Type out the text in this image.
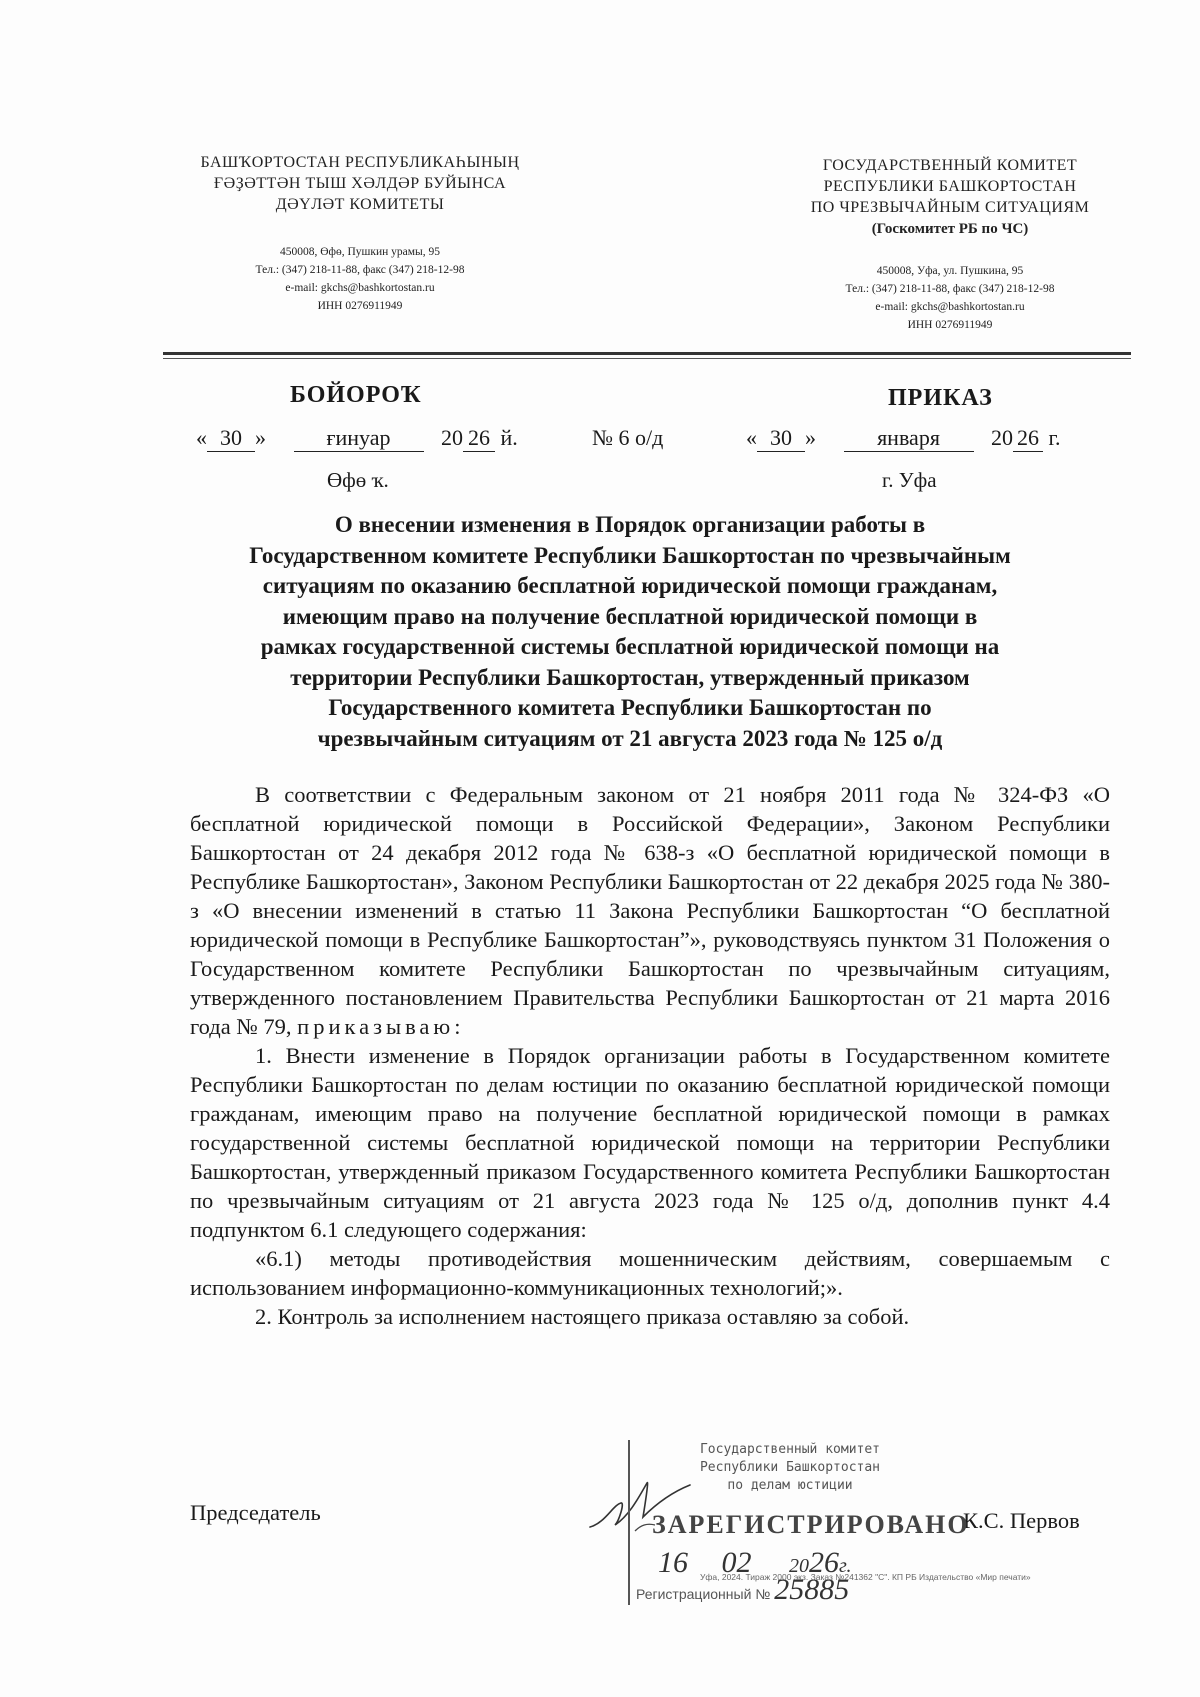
БАШҠОРТОСТАН РЕСПУБЛИКАҺЫНЫҢ
ҒӘҘӘТТӘН ТЫШ ХӘЛДӘР БУЙЫНСА
ДӘҮЛӘТ КОМИТЕТЫ
450008, Өфө, Пушкин урамы, 95
Тел.: (347) 218-11-88, факс (347) 218-12-98
e-mail: gkchs@bashkortostan.ru
ИНН 0276911949
ГОСУДАРСТВЕННЫЙ КОМИТЕТ
РЕСПУБЛИКИ БАШКОРТОСТАН
ПО ЧРЕЗВЫЧАЙНЫМ СИТУАЦИЯМ
(Госкомитет РБ по ЧС)
450008, Уфа, ул. Пушкина, 95
Тел.: (347) 218-11-88, факс (347) 218-12-98
e-mail: gkchs@bashkortostan.ru
ИНН 0276911949
БОЙОРОҠ	ПРИКАЗ
« 30 »	ғинуар 20 26 й.	№ 6 о/д	« 30 »	января 20 26 г.
Өфө ҡ.	г. Уфа
О внесении изменения в Порядок организации работы в
Государственном комитете Республики Башкортостан по чрезвычайным
ситуациям по оказанию бесплатной юридической помощи гражданам,
имеющим право на получение бесплатной юридической помощи в
рамках государственной системы бесплатной юридической помощи на
территории Республики Башкортостан, утвержденный приказом
Государственного комитета Республики Башкортостан по
чрезвычайным ситуациям от 21 августа 2023 года № 125 о/д

В соответствии с Федеральным законом от 21 ноября 2011 года № 324-ФЗ «О бесплатной юридической помощи в Российской Федерации», Законом Республики Башкортостан от 24 декабря 2012 года № 638-з «О бесплатной юридической помощи в Республике Башкортостан», Законом Республики Башкортостан от 22 декабря 2025 года № 380-з «О внесении изменений в статью 11 Закона Республики Башкортостан “О бесплатной юридической помощи в Республике Башкортостан”», руководствуясь пунктом 31 Положения о Государственном комитете Республики Башкортостан по чрезвычайным ситуациям, утвержденного постановлением Правительства Республики Башкортостан от 21 марта 2016 года № 79, приказываю:

1. Внести изменение в Порядок организации работы в Государственном комитете Республики Башкортостан по делам юстиции по оказанию бесплатной юридической помощи гражданам, имеющим право на получение бесплатной юридической помощи в рамках государственной системы бесплатной юридической помощи на территории Республики Башкортостан, утвержденный приказом Государственного комитета Республики Башкортостан по чрезвычайным ситуациям от 21 августа 2023 года № 125 о/д, дополнив пункт 4.4 подпунктом 6.1 следующего содержания:

«6.1) методы противодействия мошенническим действиям, совершаемым с использованием информационно-коммуникационных технологий;».

2. Контроль за исполнением настоящего приказа оставляю за собой.

Председатель	К.С. Первов
Государственный комитет
Республики Башкортостан
по делам юстиции
ЗАРЕГИСТРИРОВАНО
16 02 2026г.
Регистрационный № 25885
Уфа, 2024. Тираж 2000 экз. Заказ №241362 "С". КП РБ Издательство «Мир печати»
